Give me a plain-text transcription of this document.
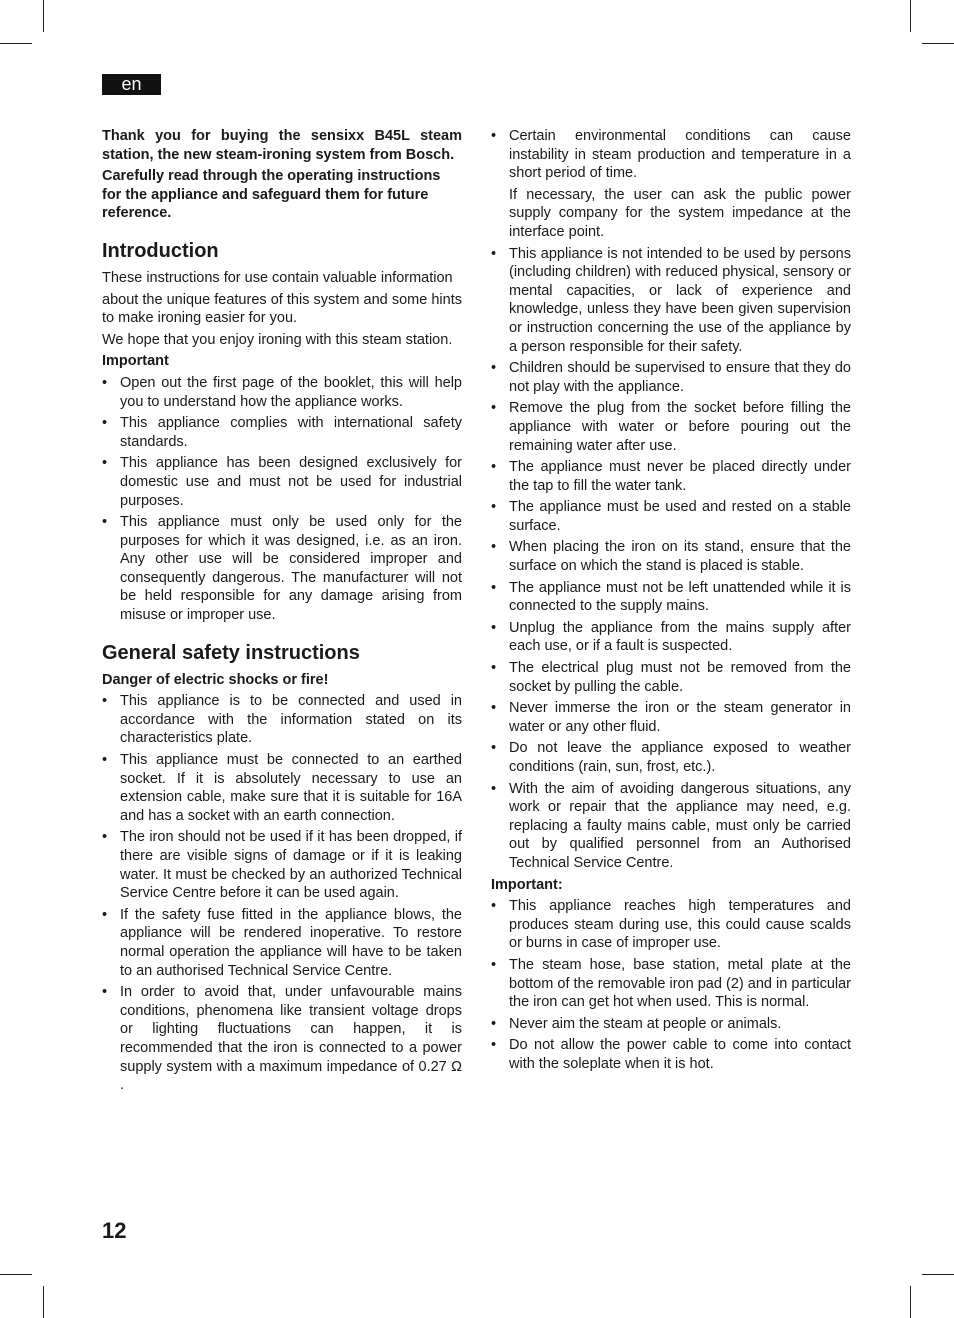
en

Thank you for buying the sensixx B45L steam station, the new steam-ironing system from Bosch.

Carefully read through the operating instructions for the appliance and safeguard them for future reference.

Introduction

These instructions for use contain valuable information

about the unique features of this system and some hints to make ironing easier for you.

We hope that you enjoy ironing with this steam station.

Important
• Open out the first page of the booklet, this will help you to understand how the appliance works.
• This appliance complies with international safety standards.
• This appliance has been designed exclusively for domestic use and must not be used for industrial purposes.
• This appliance must only be used only for the purposes for which it was designed, i.e. as an iron. Any other use will be considered improper and consequently dangerous. The manufacturer will not be held responsible for any damage arising from misuse or improper use.
General safety instructions
Danger of electric shocks or fire!
• This appliance is to be connected and used in accordance with the information stated on its characteristics plate.
• This appliance must be connected to an earthed socket. If it is absolutely necessary to use an extension cable, make sure that it is suitable for 16A and has a socket with an earth connection.
• The iron should not be used if it has been dropped, if there are visible signs of damage or if it is leaking water. It must be checked by an authorized Technical Service Centre before it can be used again.
• If the safety fuse fitted in the appliance blows, the appliance will be rendered inoperative. To restore normal operation the appliance will have to be taken to an authorised Technical Service Centre.
• In order to avoid that, under unfavourable mains conditions, phenomena like transient voltage drops or lighting fluctuations can happen, it is recommended that the iron is connected to a power supply system with a maximum impedance of 0.27 Ω .
• Certain environmental conditions can cause instability in steam production and temperature in a short period of time.

If necessary, the user can ask the public power supply company for the system impedance at the interface point.

• This appliance is not intended to be used by persons (including children) with reduced physical, sensory or mental capacities, or lack of experience and knowledge, unless they have been given supervision or instruction concerning the use of the appliance by a person responsible for their safety.
• Children should be supervised to ensure that they do not play with the appliance.
• Remove the plug from the socket before filling the appliance with water or before pouring out the remaining water after use.
• The appliance must never be placed directly under the tap to fill the water tank.
• The appliance must be used and rested on a stable surface.
• When placing the iron on its stand, ensure that the surface on which the stand is placed is stable.
• The appliance must not be left unattended while it is connected to the supply mains.
• Unplug the appliance from the mains supply after each use, or if a fault is suspected.
• The electrical plug must not be removed from the socket by pulling the cable.
• Never immerse the iron or the steam generator in water or any other fluid.
• Do not leave the appliance exposed to weather conditions (rain, sun, frost, etc.).
• With the aim of avoiding dangerous situations, any work or repair that the appliance may need, e.g. replacing a faulty mains cable, must only be carried out by qualified personnel from an Authorised Technical Service Centre.
Important:
• This appliance reaches high temperatures and produces steam during use, this could cause scalds or burns in case of improper use.
• The steam hose, base station, metal plate at the bottom of the removable iron pad (2) and in particular the iron can get hot when used. This is normal.
• Never aim the steam at people or animals.
• Do not allow the power cable to come into contact with the soleplate when it is hot.
12
